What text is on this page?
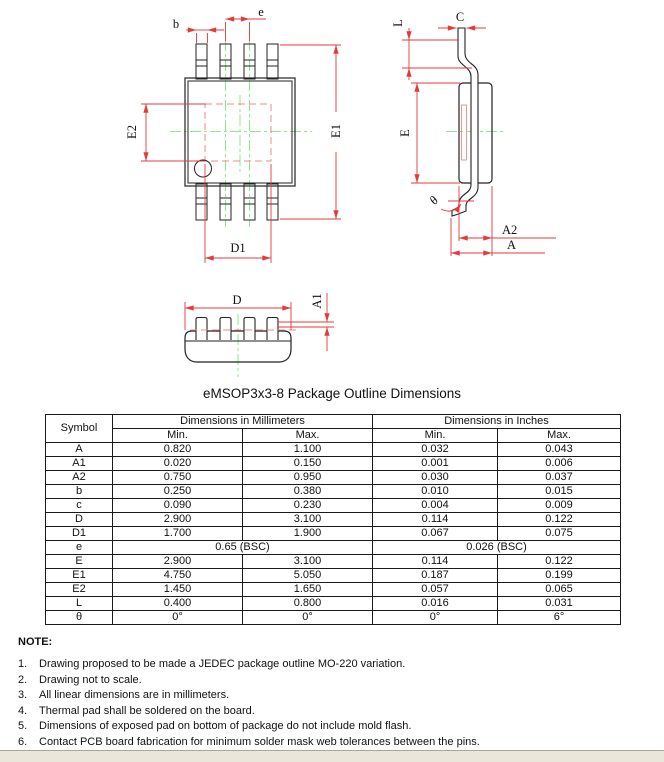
b
e
E1
E2
D1
C
L
E
θ
A2
A
A1
D
eMSOP3x3-8 Package Outline Dimensions
Symbol	Dimensions in Millimeters		Dimensions in Inches	
	Min.	Max.	Min.	Max.
A	0.820	1.100	0.032	0.043
A1	0.020	0.150	0.001	0.006
A2	0.750	0.950	0.030	0.037
b	0.250	0.380	0.010	0.015
c	0.090	0.230	0.004	0.009
D	2.900	3.100	0.114	0.122
D1	1.700	1.900	0.067	0.075
e	0.65 (BSC)		0.026 (BSC)	
E	2.900	3.100	0.114	0.122
E1	4.750	5.050	0.187	0.199
E2	1.450	1.650	0.057	0.065
L	0.400	0.800	0.016	0.031
θ	0°	0°	0°	6°
NOTE:
1.	Drawing proposed to be made a JEDEC package outline MO-220 variation.
2.	Drawing not to scale.
3.	All linear dimensions are in millimeters.
4.	Thermal pad shall be soldered on the board.
5.	Dimensions of exposed pad on bottom of package do not include mold flash.
6.	Contact PCB board fabrication for minimum solder mask web tolerances between the pins.
